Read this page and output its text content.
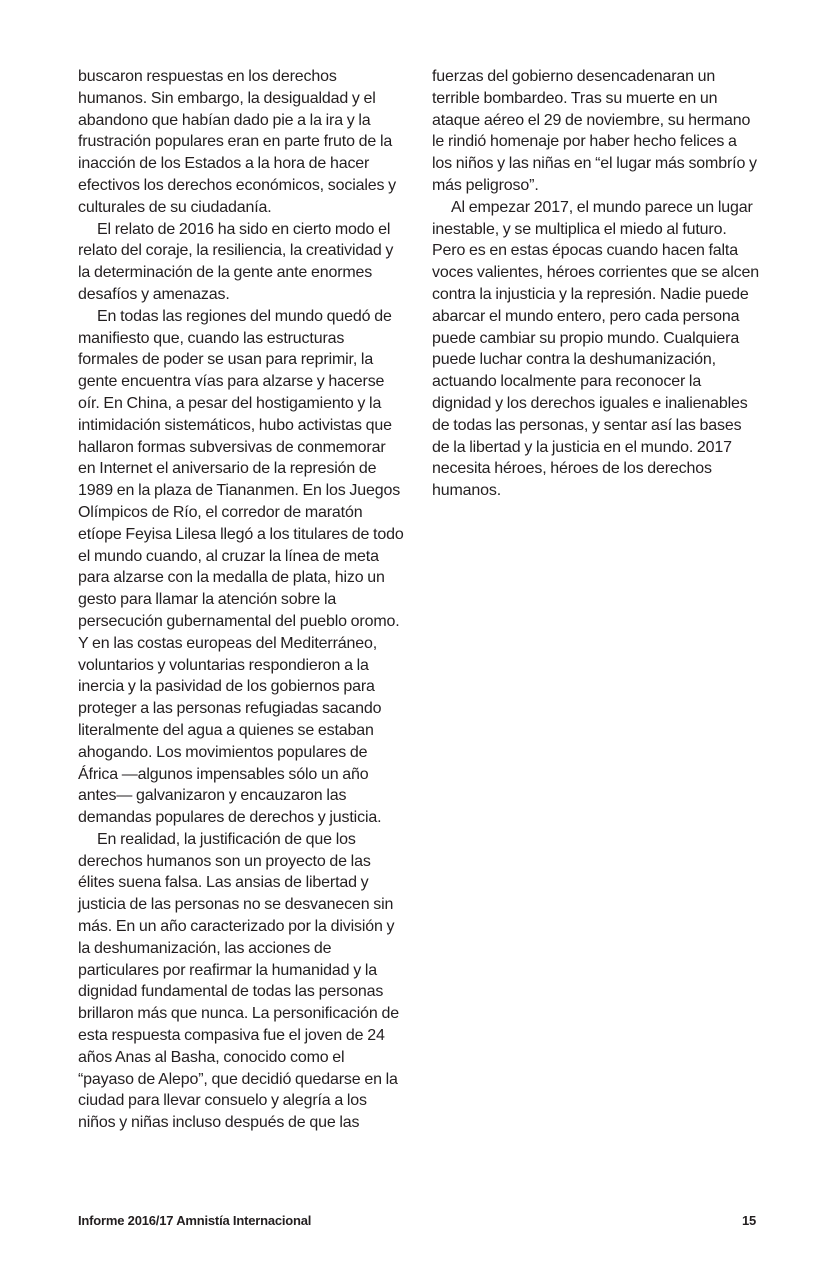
buscaron respuestas en los derechos humanos. Sin embargo, la desigualdad y el abandono que habían dado pie a la ira y la frustración populares eran en parte fruto de la inacción de los Estados a la hora de hacer efectivos los derechos económicos, sociales y culturales de su ciudadanía.

El relato de 2016 ha sido en cierto modo el relato del coraje, la resiliencia, la creatividad y la determinación de la gente ante enormes desafíos y amenazas.

En todas las regiones del mundo quedó de manifiesto que, cuando las estructuras formales de poder se usan para reprimir, la gente encuentra vías para alzarse y hacerse oír. En China, a pesar del hostigamiento y la intimidación sistemáticos, hubo activistas que hallaron formas subversivas de conmemorar en Internet el aniversario de la represión de 1989 en la plaza de Tiananmen. En los Juegos Olímpicos de Río, el corredor de maratón etíope Feyisa Lilesa llegó a los titulares de todo el mundo cuando, al cruzar la línea de meta para alzarse con la medalla de plata, hizo un gesto para llamar la atención sobre la persecución gubernamental del pueblo oromo. Y en las costas europeas del Mediterráneo, voluntarios y voluntarias respondieron a la inercia y la pasividad de los gobiernos para proteger a las personas refugiadas sacando literalmente del agua a quienes se estaban ahogando. Los movimientos populares de África —algunos impensables sólo un año antes— galvanizaron y encauzaron las demandas populares de derechos y justicia.

En realidad, la justificación de que los derechos humanos son un proyecto de las élites suena falsa. Las ansias de libertad y justicia de las personas no se desvanecen sin más. En un año caracterizado por la división y la deshumanización, las acciones de particulares por reafirmar la humanidad y la dignidad fundamental de todas las personas brillaron más que nunca. La personificación de esta respuesta compasiva fue el joven de 24 años Anas al Basha, conocido como el “payaso de Alepo”, que decidió quedarse en la ciudad para llevar consuelo y alegría a los niños y niñas incluso después de que las

fuerzas del gobierno desencadenaran un terrible bombardeo. Tras su muerte en un ataque aéreo el 29 de noviembre, su hermano le rindió homenaje por haber hecho felices a los niños y las niñas en “el lugar más sombrío y más peligroso”.

Al empezar 2017, el mundo parece un lugar inestable, y se multiplica el miedo al futuro. Pero es en estas épocas cuando hacen falta voces valientes, héroes corrientes que se alcen contra la injusticia y la represión. Nadie puede abarcar el mundo entero, pero cada persona puede cambiar su propio mundo. Cualquiera puede luchar contra la deshumanización, actuando localmente para reconocer la dignidad y los derechos iguales e inalienables de todas las personas, y sentar así las bases de la libertad y la justicia en el mundo. 2017 necesita héroes, héroes de los derechos humanos.

Informe 2016/17 Amnistía Internacional	15
